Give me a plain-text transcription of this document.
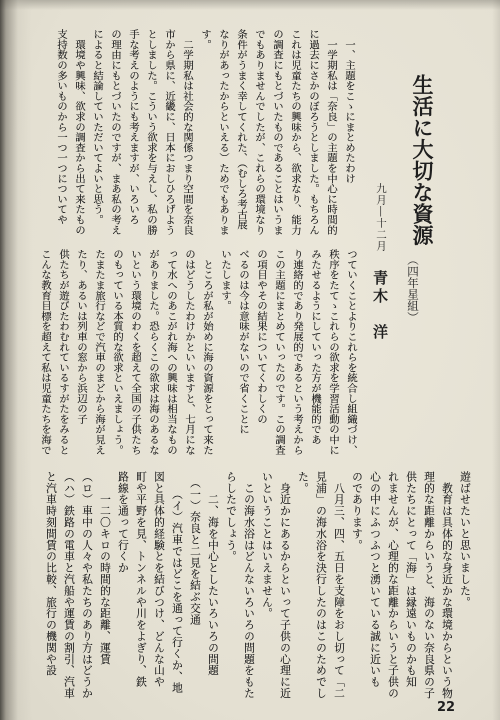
生活に大切な資源
（四年星組）
九月―十二月
青木　洋
　一、主題をこゝにまとめたわけ
　一学期私は「奈良」の主題を中心に時間的
に過去にさかのぼろうとしました。もちろん
これは児童たちの興味から、欲求なり、能力
の調査にもとづいたものであることはいうま
でもありませんでしたが、これらの環境なり
条件がうまく幸してくれた、（むしろ考古展
なりがあったからといえる）ためでもありま
す。
　二学期私は社会的な関係つまり空間を奈良
市から県に、近畿に、日本におしひろげよう
としました。こういう欲求を与えし、私の勝
手な考えのようにも考えますが、いろいろ
の理由にもとづいたのですが、まあ私の考え
によると結論していただいてよいと思う。
　環境や興味、欲求の調査から出て来たもの
支持数の多いものから一つ一つについてや
つていくことよりこれらを統合し組織づけ、
秩序をたてゝこれらの欲求を学習活動の中に
みたせるようにしていった方が機能的であ
り連絡的であり発展的であるという考えから
この主題にまとめていったのです。この調査
の項目やその結果についてくわしくの
べるのは今は意味がないので省くことに
いたします。
　ところが私が始めに海の資源をとって来た
のはどうしたわけかといいますと、七月にな
って水へのあこがれ海への興味は相当なもの
がありました。恐らくこの欲求は海のあるな
いという環境のわくを超えて全国の子供たち
のもっている本質的な欲求といえましょう。
たまたま旅行などで汽車のまどから海が見え
たり、あるいは列車の窓から浜辺の子
供たちが遊びたわむれているすがたをみると
こんな教育目標を超えて私は児童たちを海で
遊ばせたいと思いました。
　教育は具体的な身近かな環境からという物
理的な距離からいうと、海のない奈良県の子
供たちにとって「海」は縁遠いものかも知
れませんが、心理的な距離からいうと子供の
心の中にふつふつと湧いている誠に近いも
のであります。
　八月三、四、五日を支障をおし切って「二
見浦」の海水浴を決行したのはこのためでし
た。
　身近かにあるからといって子供の心理に近
いということはいえません。
　この海水浴はどんないろいろの問題をもた
らしたでしょう。
　　二、海を中心としたいろいろの問題
　（一）奈良と二見を結ぶ交通
　　（イ）汽車ではどこを通って行くか、地
図と具体的経験とを結びつけ、どんな山や
町や平野を見、トンネルや川をよぎり、鉄
路線を通って行くか
　　一二〇キロの時間的な距離、運賃
（ロ）車中の人々や私たちのあり方はどうか
（ハ）鉄路の電車と汽船や運賃の割引、汽車
と汽車時刻間賃の比較、旅行の機関や設
22
